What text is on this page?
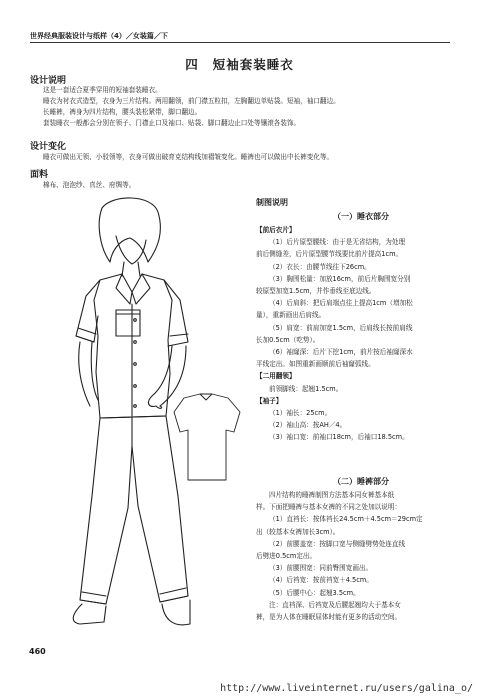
世界经典服装设计与纸样（4）／女装篇／下
四 短袖套装睡衣
设计说明
这是一套适合夏季穿用的短袖套装睡衣。
睡衣为衬衣式造型，衣身为三片结构。两用翻领，前门襟五粒扣，左胸翻边单贴袋。短袖，袖口翻边。
长睡裤，裤身为四片结构，腰头装松紧带，脚口翻边。
套装睡衣一般都会分别在领子、门襟止口及袖口、贴袋、脚口翻边止口处等镶滚各装饰。
设计变化
睡衣可做出无领、小驳领等，衣身可做出破育克结构线加褶皱变化。睡裤也可以做出中长裤变化等。
面料
棉布、泡泡纱、真丝、府绸等。
制图说明
（一）睡衣部分
【前后衣片】
（1）后片原型腰线：由于是无省结构，为处理
前后侧缝差，后片原型腰节线要比前片提高1cm。
（2）衣长：由腰节线往下26cm。
（3）胸围松量：加放16cm，前后片胸围宽分别
较原型加宽1.5cm，并作垂线至底边线。
（4）后肩斜：把后肩端点往上提高1cm（增加松
量），重新画出后肩线。
（5）肩宽：前肩加宽1.5cm，后肩线长按前肩线
长加0.5cm（吃势）。
（6）袖窿深：后片下挖1cm，前片按后袖窿深水
平线定出。如图重新画顺前后袖窿弧线。
【二用翻领】
前领脚线：起翘1.5cm。
【袖子】
（1）袖长：25cm。
（2）袖山高：按AH／4。
（3）袖口宽：前袖口18cm，后袖口18.5cm。
（二）睡裤部分
四片结构的睡裤制图方法基本同女裤基本纸
样。下面把睡裤与基本女裤的不同之处加以说明：
（1）直裆长：按体裆长24.5cm＋4.5cm＝29cm定
出（较基本女裤加长3cm）。
（2）前腰盖宽：按脚口宽与侧缝劈势处连直线
后劈进0.5cm定出。
（3）前腰围宽：同前臀围宽画出。
（4）后裆宽：按前裆宽＋4.5cm。
（5）后腰中心：起翘3.5cm。
注：直裆深、后裆宽及后腰起翘均大于基本女
裤，是为人体在睡眠屈体时能有更多的活动空间。
460
http://www.liveinternet.ru/users/galina_o/
